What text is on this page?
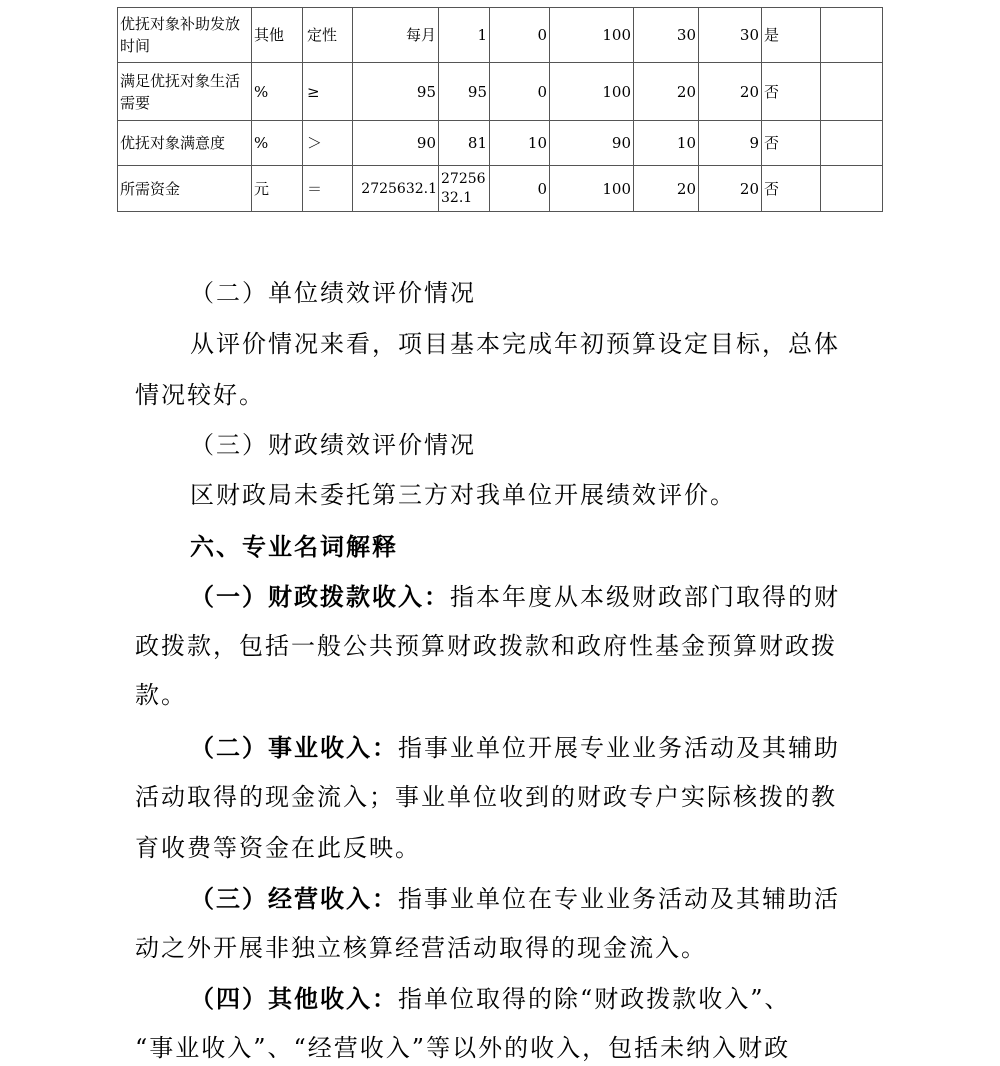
优抚对象补助发放时间	其他	定性	每月	1	0	100	30	30	是	
满足优抚对象生活需要	%	≥	95	95	0	100	20	20	否	
优抚对象满意度	%	＞	90	81	10	90	10	9	否	
所需资金	元	＝	2725632.1	2725632.1	0	100	20	20	否	

（二）单位绩效评价情况

从评价情况来看，项目基本完成年初预算设定目标，总体

情况较好。

（三）财政绩效评价情况

区财政局未委托第三方对我单位开展绩效评价。

六、专业名词解释

（一）财政拨款收入：指本年度从本级财政部门取得的财

政拨款，包括一般公共预算财政拨款和政府性基金预算财政拨

款。

（二）事业收入：指事业单位开展专业业务活动及其辅助

活动取得的现金流入；事业单位收到的财政专户实际核拨的教

育收费等资金在此反映。

（三）经营收入：指事业单位在专业业务活动及其辅助活

动之外开展非独立核算经营活动取得的现金流入。

（四）其他收入：指单位取得的除“财政拨款收入”、

“事业收入”、“经营收入”等以外的收入，包括未纳入财政
